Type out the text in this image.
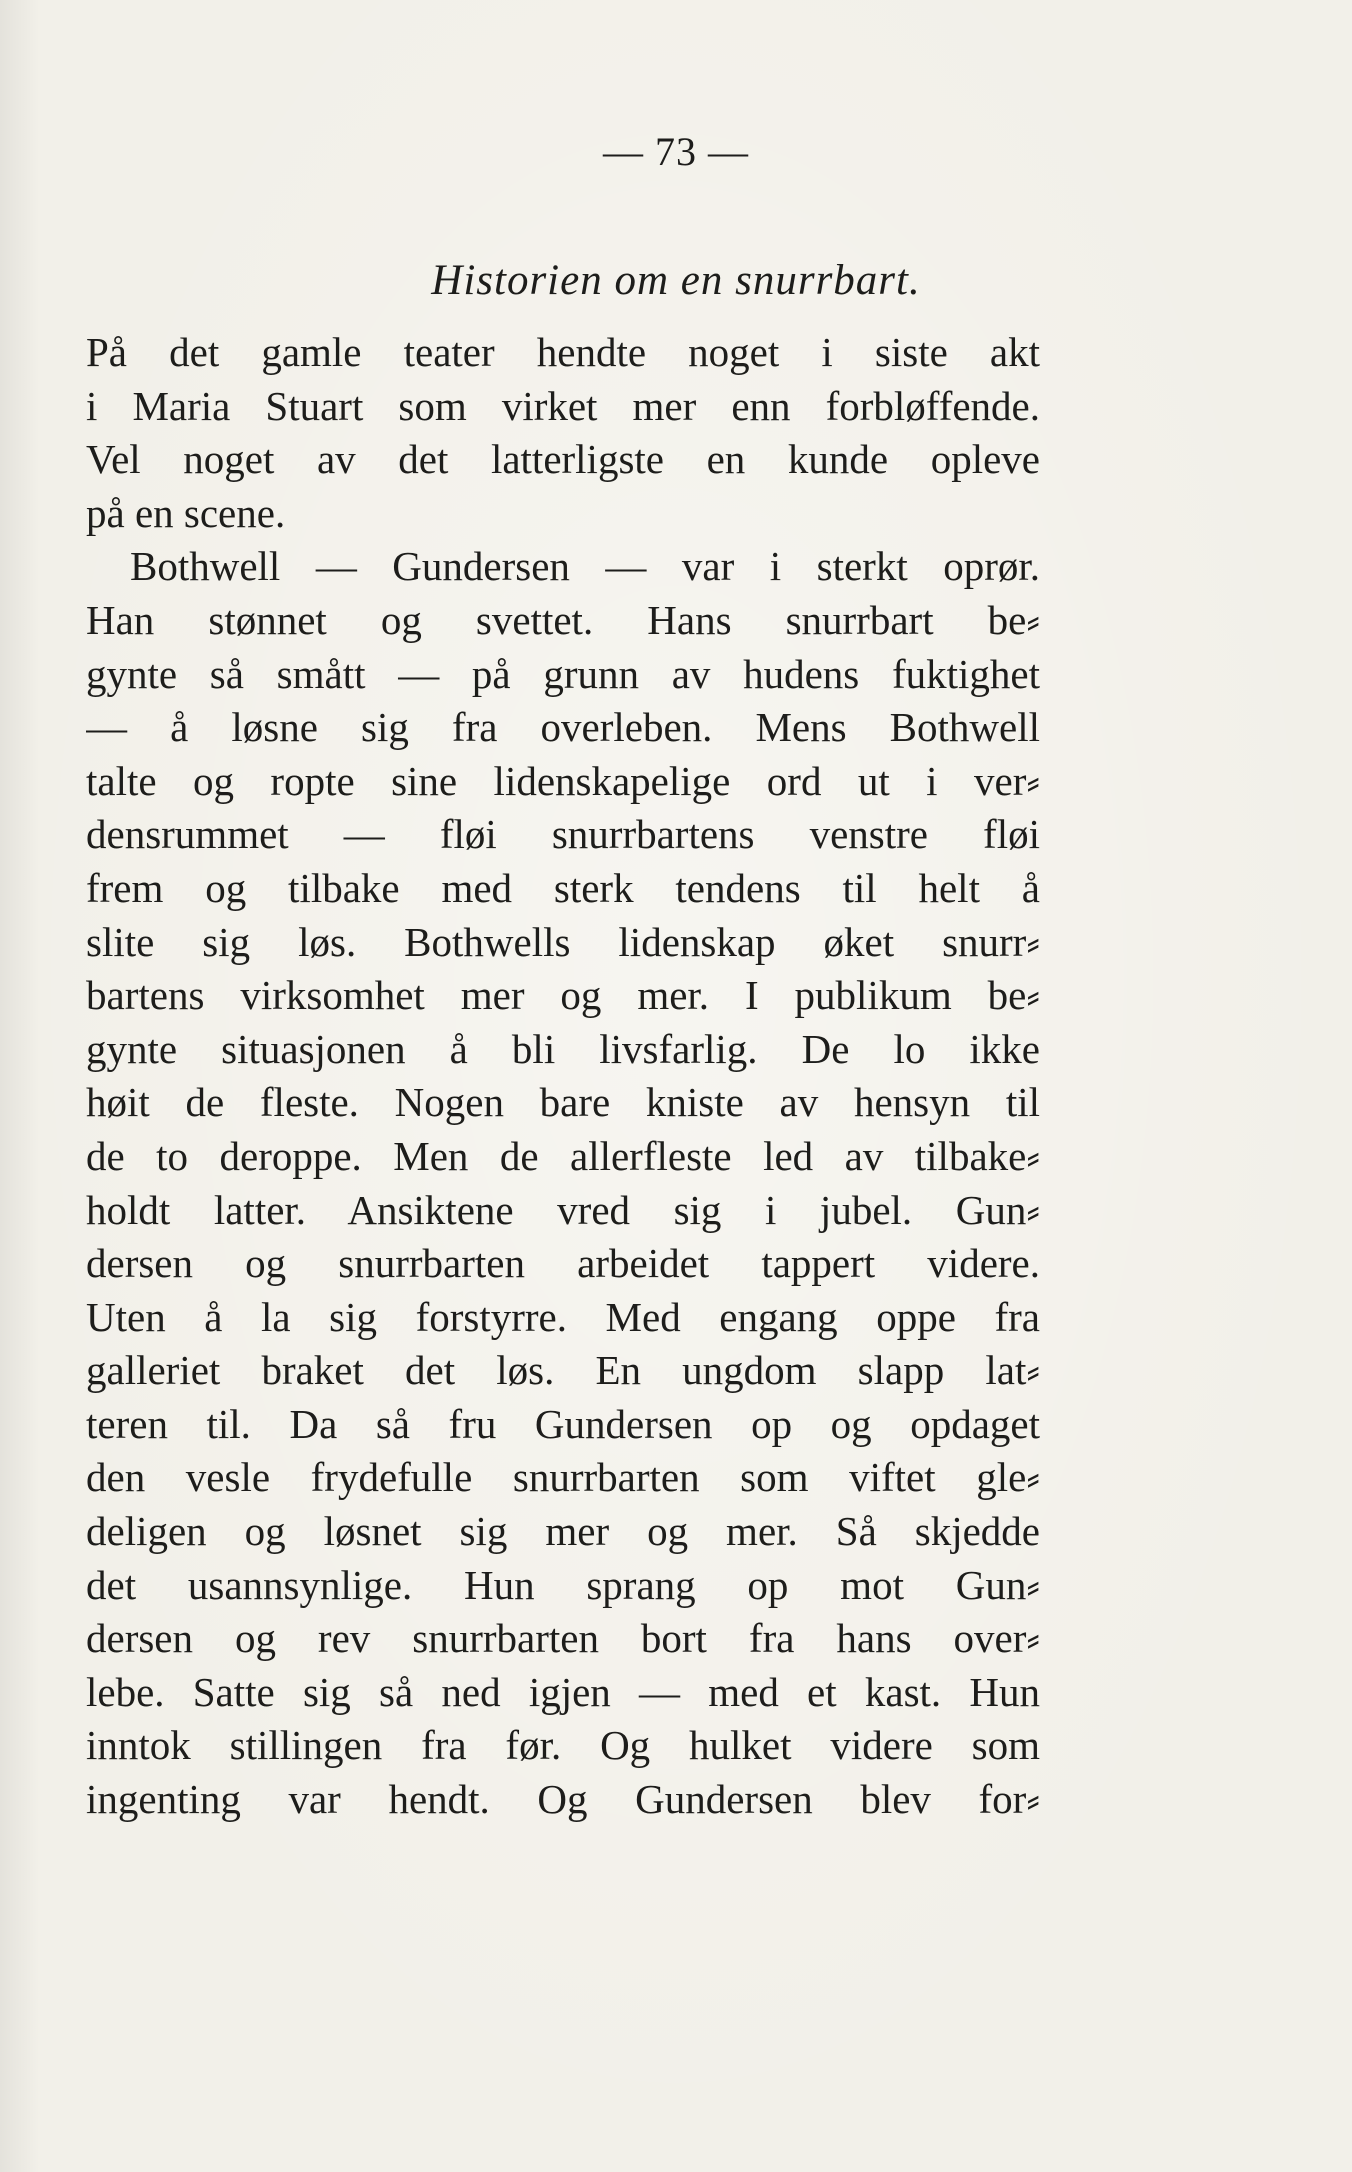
— 73 —
Historien om en snurrbart.
På det gamle teater hendte noget i siste akt
i Maria Stuart som virket mer enn forbløffende.
Vel noget av det latterligste en kunde opleve
på en scene.
Bothwell — Gundersen — var i sterkt oprør.
Han stønnet og svettet. Hans snurrbart be⸗
gynte så smått — på grunn av hudens fuktighet
— å løsne sig fra overleben. Mens Bothwell
talte og ropte sine lidenskapelige ord ut i ver⸗
densrummet — fløi snurrbartens venstre fløi
frem og tilbake med sterk tendens til helt å
slite sig løs. Bothwells lidenskap øket snurr⸗
bartens virksomhet mer og mer. I publikum be⸗
gynte situasjonen å bli livsfarlig. De lo ikke
høit de fleste. Nogen bare kniste av hensyn til
de to deroppe. Men de allerfleste led av tilbake⸗
holdt latter. Ansiktene vred sig i jubel. Gun⸗
dersen og snurrbarten arbeidet tappert videre.
Uten å la sig forstyrre. Med engang oppe fra
galleriet braket det løs. En ungdom slapp lat⸗
teren til. Da så fru Gundersen op og opdaget
den vesle frydefulle snurrbarten som viftet gle⸗
deligen og løsnet sig mer og mer. Så skjedde
det usannsynlige. Hun sprang op mot Gun⸗
dersen og rev snurrbarten bort fra hans over⸗
lebe. Satte sig så ned igjen — med et kast. Hun
inntok stillingen fra før. Og hulket videre som
ingenting var hendt. Og Gundersen blev for⸗
